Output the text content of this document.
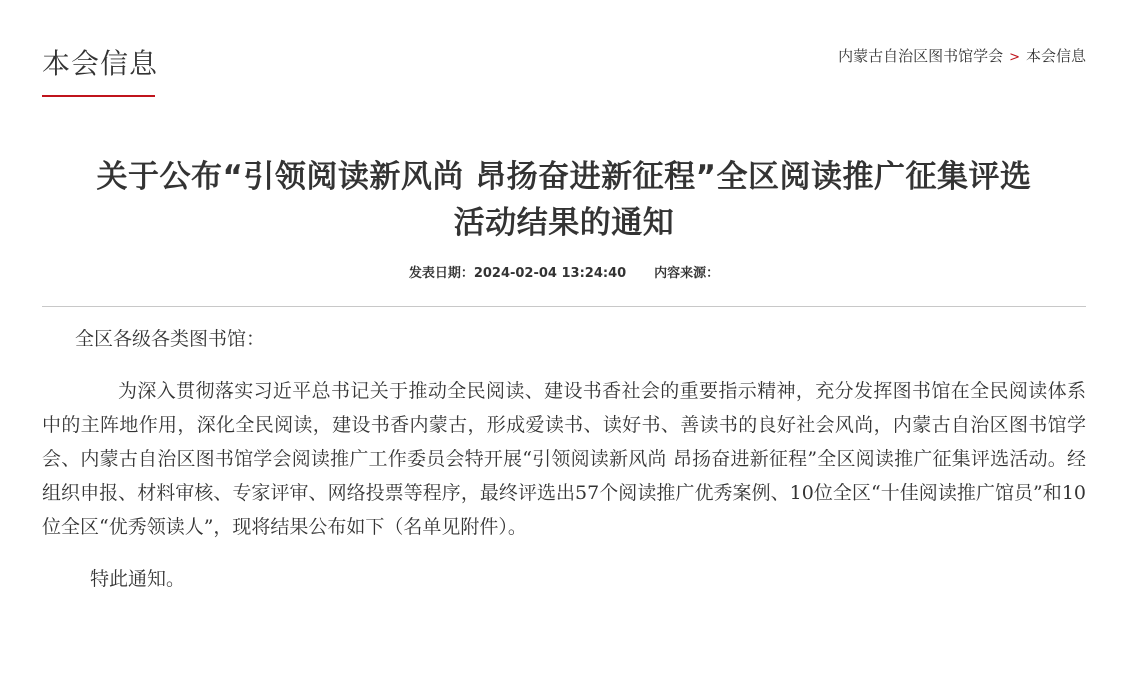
本会信息	内蒙古自治区图书馆学会 > 本会信息
关于公布“引领阅读新风尚 昂扬奋进新征程”全区阅读推广征集评选
活动结果的通知
发表日期：2024-02-04 13:24:40 内容来源：

全区各级各类图书馆：

为深入贯彻落实习近平总书记关于推动全民阅读、建设书香社会的重要指示精神，充分发挥图书馆在全民阅读体系中的主阵地作用，深化全民阅读，建设书香内蒙古，形成爱读书、读好书、善读书的良好社会风尚，内蒙古自治区图书馆学会、内蒙古自治区图书馆学会阅读推广工作委员会特开展“引领阅读新风尚 昂扬奋进新征程”全区阅读推广征集评选活动。经组织申报、材料审核、专家评审、网络投票等程序，最终评选出57个阅读推广优秀案例、10位全区“十佳阅读推广馆员”和10位全区“优秀领读人”，现将结果公布如下（名单见附件）。

特此通知。
